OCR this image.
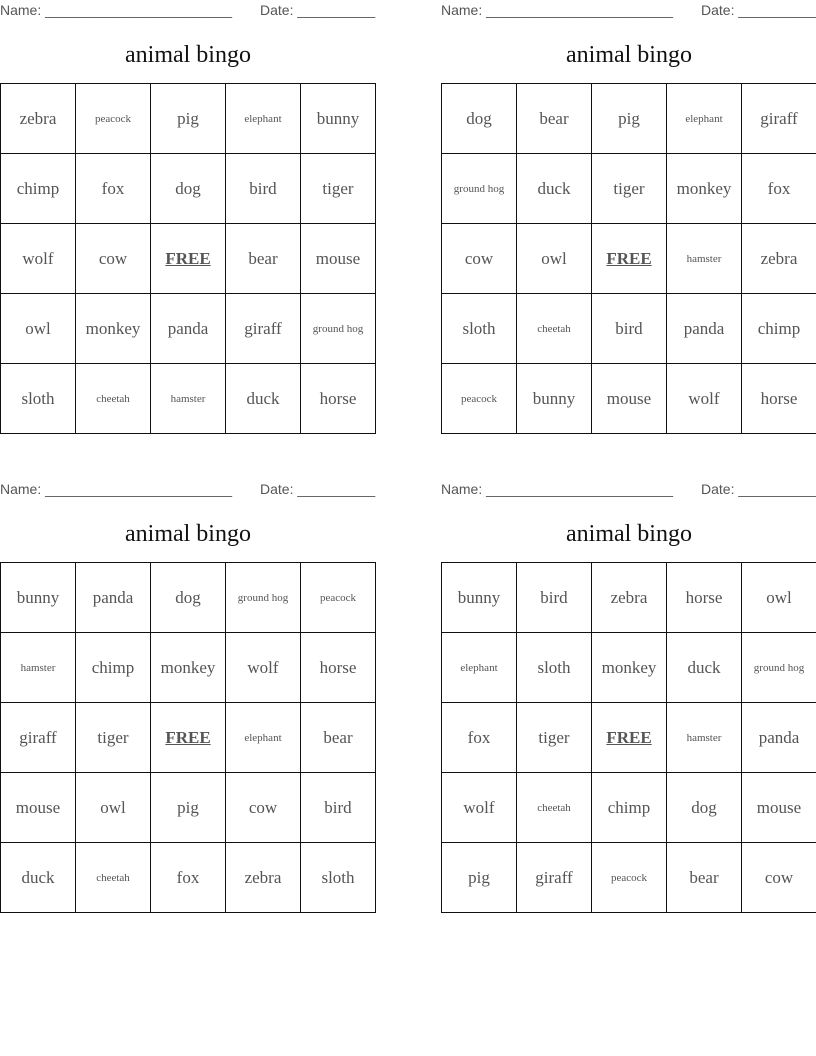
Name: ________________________ Date: __________
animal bingo
zebra	peacock	pig	elephant	bunny
chimp	fox	dog	bird	tiger
wolf	cow	FREE	bear	mouse
owl	monkey	panda	giraff	ground hog
sloth	cheetah	hamster	duck	horse
Name: ________________________ Date: __________
animal bingo
dog	bear	pig	elephant	giraff
ground hog	duck	tiger	monkey	fox
cow	owl	FREE	hamster	zebra
sloth	cheetah	bird	panda	chimp
peacock	bunny	mouse	wolf	horse
Name: ________________________ Date: __________
animal bingo
bunny	panda	dog	ground hog	peacock
hamster	chimp	monkey	wolf	horse
giraff	tiger	FREE	elephant	bear
mouse	owl	pig	cow	bird
duck	cheetah	fox	zebra	sloth
Name: ________________________ Date: __________
animal bingo
bunny	bird	zebra	horse	owl
elephant	sloth	monkey	duck	ground hog
fox	tiger	FREE	hamster	panda
wolf	cheetah	chimp	dog	mouse
pig	giraff	peacock	bear	cow
